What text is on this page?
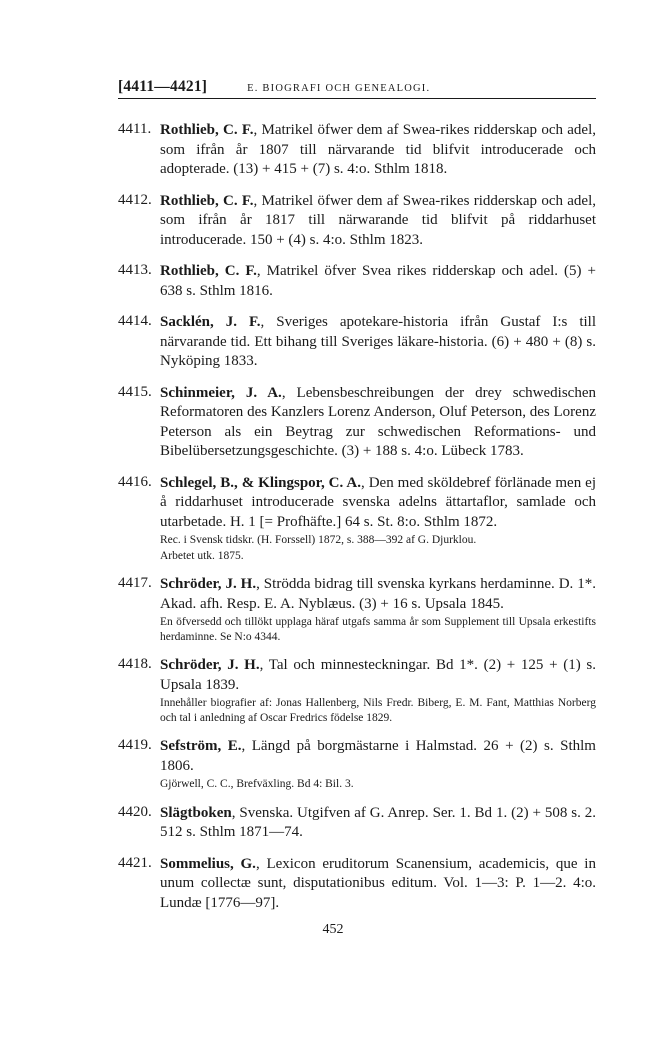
[4411—4421]	E. BIOGRAFI OCH GENEALOGI.
4411. Rothlieb, C. F., Matrikel öfwer dem af Swea-rikes ridderskap och adel, som ifrån år 1807 till närvarande tid blifvit introducerade och adopterade. (13) + 415 + (7) s. 4:o. Sthlm 1818.
4412. Rothlieb, C. F., Matrikel öfwer dem af Swea-rikes ridderskap och adel, som ifrån år 1817 till närwarande tid blifvit på riddarhuset introducerade. 150 + (4) s. 4:o. Sthlm 1823.
4413. Rothlieb, C. F., Matrikel öfver Svea rikes ridderskap och adel. (5) + 638 s. Sthlm 1816.
4414. Sacklén, J. F., Sveriges apotekare-historia ifrån Gustaf I:s till närvarande tid. Ett bihang till Sveriges läkare-historia. (6) + 480 + (8) s. Nyköping 1833.
4415. Schinmeier, J. A., Lebensbeschreibungen der drey schwedischen Reformatoren des Kanzlers Lorenz Anderson, Oluf Peterson, des Lorenz Peterson als ein Beytrag zur schwedischen Reformations- und Bibelübersetzungsgeschichte. (3) + 188 s. 4:o. Lübeck 1783.
4416. Schlegel, B., & Klingspor, C. A., Den med sköldebref förlänade men ej å riddarhuset introducerade svenska adelns ättartaflor, samlade och utarbetade. H. 1 [= Profhäfte.] 64 s. St. 8:o. Sthlm 1872.
Rec. i Svensk tidskr. (H. Forssell) 1872, s. 388—392 af G. Djurklou.
Arbetet utk. 1875.
4417. Schröder, J. H., Strödda bidrag till svenska kyrkans herdaminne. D. 1*. Akad. afh. Resp. E. A. Nyblæus. (3) + 16 s. Upsala 1845.
En öfversedd och tillökt upplaga häraf utgafs samma år som Supplement till Upsala erkestifts herdaminne. Se N:o 4344.
4418. Schröder, J. H., Tal och minnesteckningar. Bd 1*. (2) + 125 + (1) s. Upsala 1839.
Innehåller biografier af: Jonas Hallenberg, Nils Fredr. Biberg, E. M. Fant, Matthias Norberg och tal i anledning af Oscar Fredrics födelse 1829.
4419. Sefström, E., Längd på borgmästarne i Halmstad. 26 + (2) s. Sthlm 1806.
Gjörwell, C. C., Brefväxling. Bd 4: Bil. 3.
4420. Slägtboken, Svenska. Utgifven af G. Anrep. Ser. 1. Bd 1. (2) + 508 s. 2. 512 s. Sthlm 1871—74.
4421. Sommelius, G., Lexicon eruditorum Scanensium, academicis, que in unum collectæ sunt, disputationibus editum. Vol. 1—3: P. 1—2. 4:o. Lundæ [1776—97].
452
